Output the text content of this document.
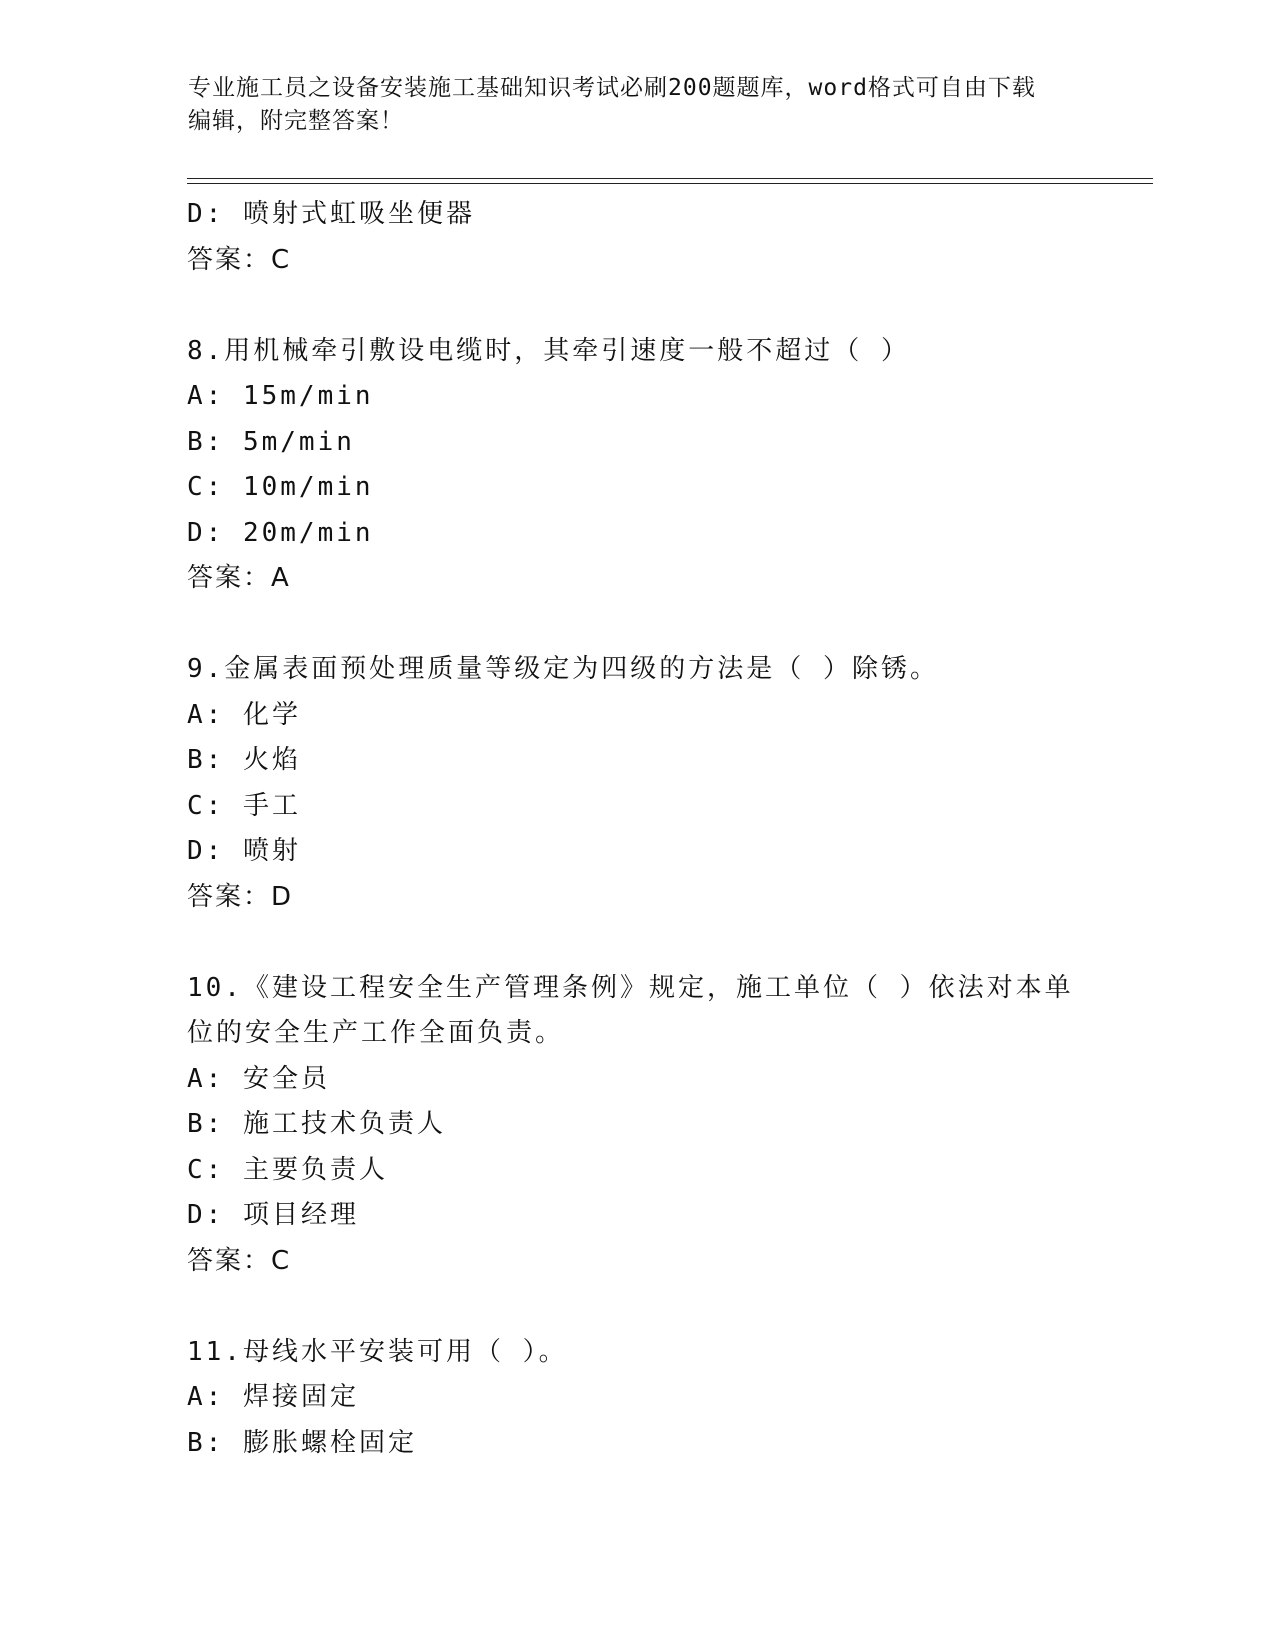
专业施工员之设备安装施工基础知识考试必刷200题题库，word格式可自由下载
编辑，附完整答案！
D: 喷射式虹吸坐便器
答案：C
8.用机械牵引敷设电缆时，其牵引速度一般不超过（ ）
A: 15m/min
B: 5m/min
C: 10m/min
D: 20m/min
答案：A
9.金属表面预处理质量等级定为四级的方法是（ ）除锈。
A: 化学
B: 火焰
C: 手工
D: 喷射
答案：D
10.《建设工程安全生产管理条例》规定，施工单位（ ）依法对本单
位的安全生产工作全面负责。
A: 安全员
B: 施工技术负责人
C: 主要负责人
D: 项目经理
答案：C
11.母线水平安装可用（ ）。
A: 焊接固定
B: 膨胀螺栓固定
